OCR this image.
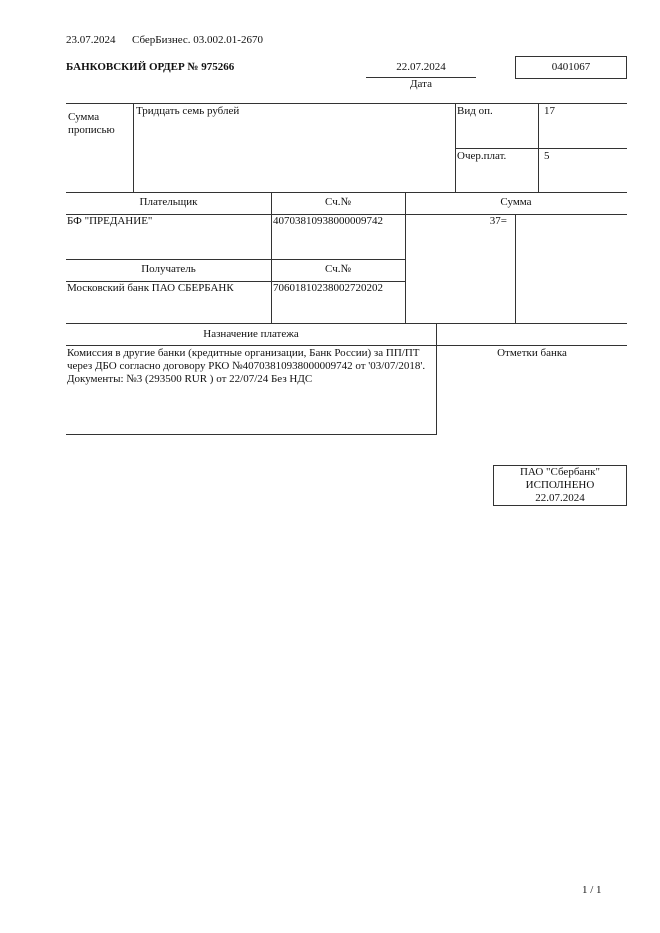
23.07.2024 СберБизнес. 03.002.01-2670
БАНКОВСКИЙ ОРДЕР № 975266	22.07.2024
Дата
0401067
Сумма прописью
Тридцать семь рублей	Вид оп.	17
Очер.плат.	5
Плательщик	Сч.№	Сумма
БФ "ПРЕДАНИЕ"	40703810938000009742	37=
Получатель	Сч.№
Московский банк ПАО СБЕРБАНК	70601810238002720202
Назначение платежа
Комиссия в другие банки (кредитные организации, Банк России) за ПП/ПТ
через ДБО согласно договору РКО №40703810938000009742 от '03/07/2018'.
Документы: №3 (293500 RUR ) от 22/07/24 Без НДС
Отметки банка
ПАО "Сбербанк"
ИСПОЛНЕНО
22.07.2024
1 / 1
